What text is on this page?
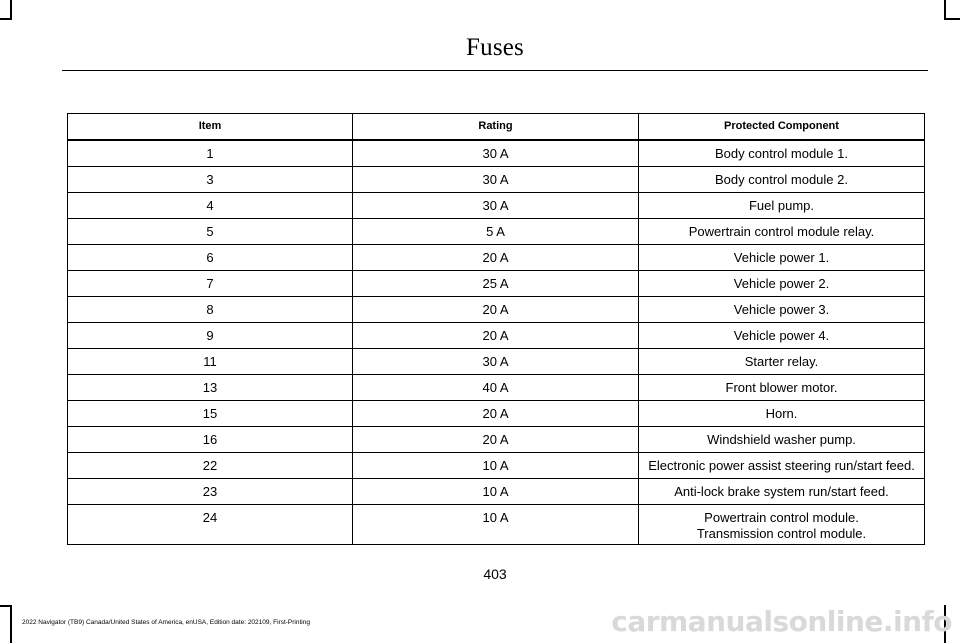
Fuses
Item	Rating	Protected Component
1	30 A	Body control module 1.

3	30 A	Body control module 2.

4	30 A	Fuel pump.

5	5 A	Powertrain control module relay.

6	20 A	Vehicle power 1.

7	25 A	Vehicle power 2.

8	20 A	Vehicle power 3.

9	20 A	Vehicle power 4.

11	30 A	Starter relay.

13	40 A	Front blower motor.

15	20 A	Horn.

16	20 A	Windshield washer pump.

22	10 A	Electronic power assist steering run/start feed.

23	10 A	Anti-lock brake system run/start feed.

24	10 A	Powertrain control module.
Transmission control module.
403
2022 Navigator (TB9) Canada/United States of America, enUSA, Edition date: 202109, First-Printing	carmanualsonline.info
